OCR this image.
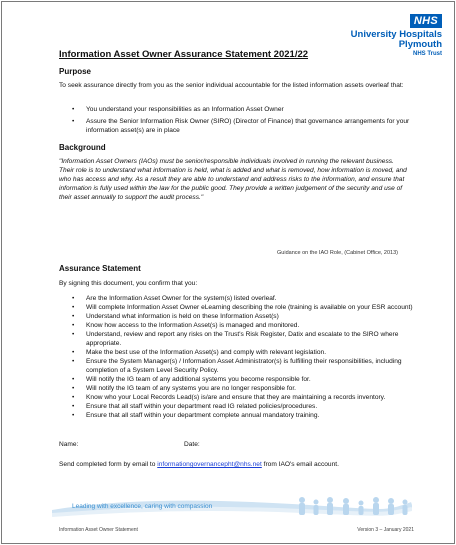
NHS
University Hospitals
Plymouth
NHS Trust
Information Asset Owner Assurance Statement 2021/22
Purpose
To seek assurance directly from you as the senior individual accountable for the listed information assets overleaf that:
• You understand your responsibilities as an Information Asset Owner
• Assure the Senior Information Risk Owner (SIRO) (Director of Finance) that governance arrangements for your information asset(s) are in place
Background
"Information Asset Owners (IAOs) must be senior/responsible individuals involved in running the relevant business. Their role is to understand what information is held, what is added and what is removed, how information is moved, and who has access and why. As a result they are able to understand and address risks to the information, and ensure that information is fully used within the law for the public good. They provide a written judgement of the security and use of their asset annually to support the audit process."
Guidance on the IAO Role, (Cabinet Office, 2013)
Assurance Statement
By signing this document, you confirm that you:
• Are the Information Asset Owner for the system(s) listed overleaf.
• Will complete Information Asset Owner eLearning describing the role (training is available on your ESR account)
• Understand what information is held on these Information Asset(s)
• Know how access to the Information Asset(s) is managed and monitored.
• Understand, review and report any risks on the Trust's Risk Register, Datix and escalate to the SIRO where appropriate.
• Make the best use of the Information Asset(s) and comply with relevant legislation.
• Ensure the System Manager(s) / Information Asset Administrator(s) is fulfilling their responsibilities, including completion of a System Level Security Policy.
• Will notify the IG team of any additional systems you become responsible for.
• Will notify the IG team of any systems you are no longer responsible for.
• Know who your Local Records Lead(s) is/are and ensure that they are maintaining a records inventory.
• Ensure that all staff within your department read IG related policies/procedures.
• Ensure that all staff within your department complete annual mandatory training.
Name:	Date:
Send completed form by email to informationgovernancepht@nhs.net from IAO's email account.
Leading with excellence, caring with compassion
Information Asset Owner Statement	Version 3 – January 2021
